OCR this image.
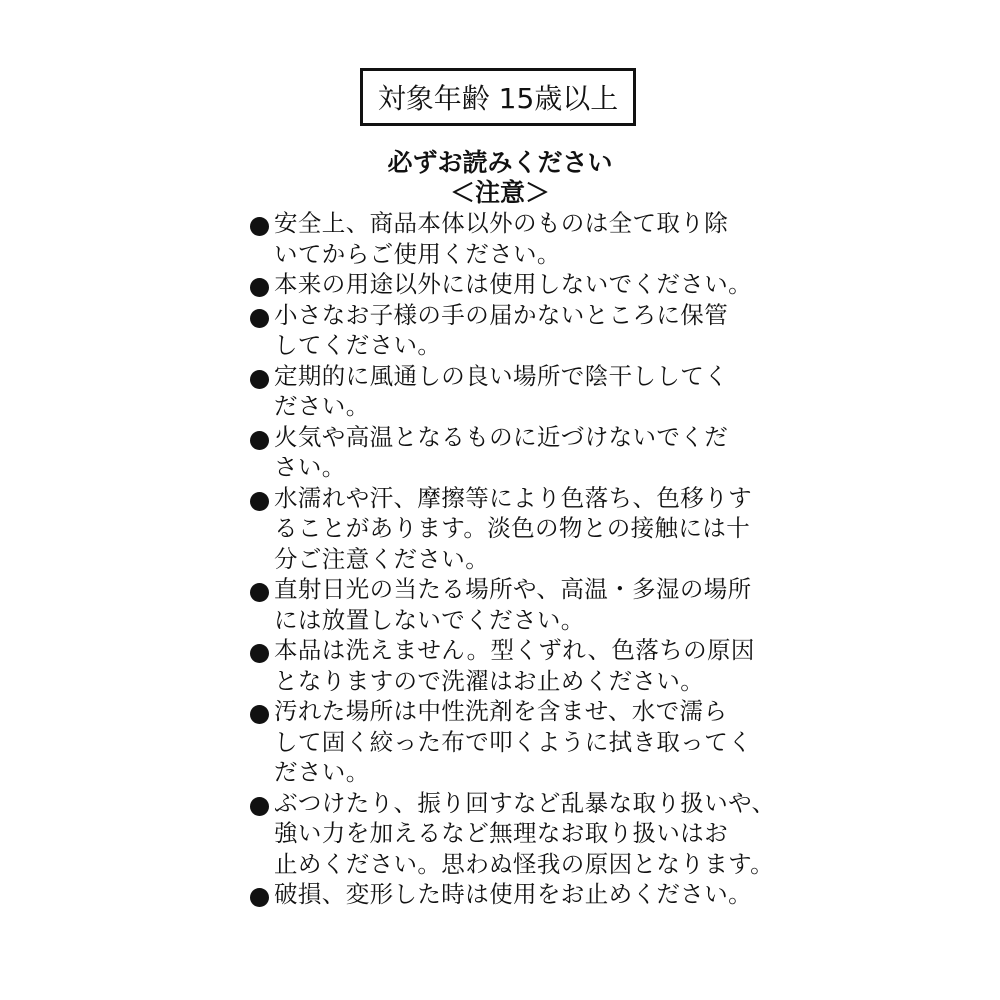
対象年齢 15歳以上
必ずお読みください
＜注意＞
安全上、商品本体以外のものは全て取り除
いてからご使用ください。
本来の用途以外には使用しないでください。
小さなお子様の手の届かないところに保管
してください。
定期的に風通しの良い場所で陰干ししてく
ださい。
火気や高温となるものに近づけないでくだ
さい。
水濡れや汗、摩擦等により色落ち、色移りす
ることがあります。淡色の物との接触には十
分ご注意ください。
直射日光の当たる場所や、高温・多湿の場所
には放置しないでください。
本品は洗えません。型くずれ、色落ちの原因
となりますので洗濯はお止めください。
汚れた場所は中性洗剤を含ませ、水で濡ら
して固く絞った布で叩くように拭き取ってく
ださい。
ぶつけたり、振り回すなど乱暴な取り扱いや、
強い力を加えるなど無理なお取り扱いはお
止めください。思わぬ怪我の原因となります。
破損、変形した時は使用をお止めください。
